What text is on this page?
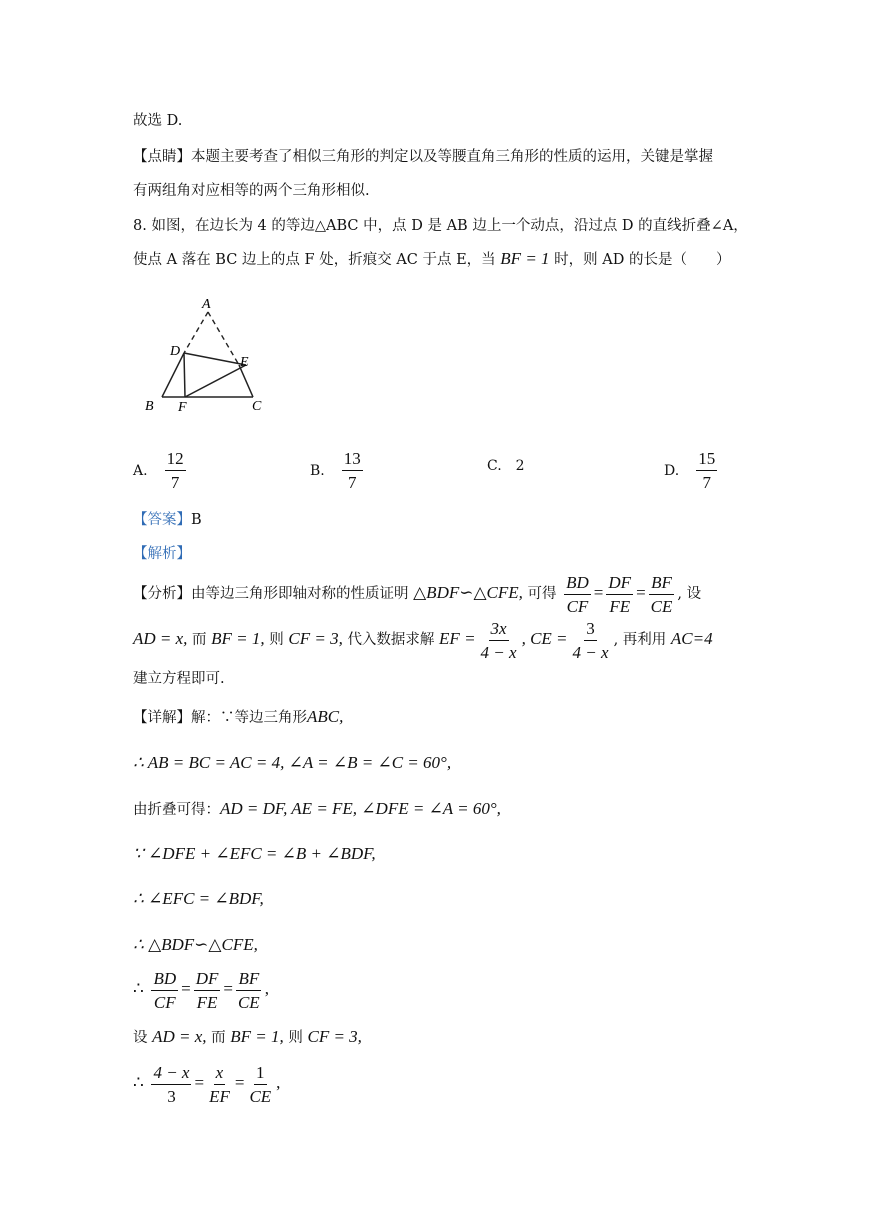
故选 D.
【点睛】本题主要考查了相似三角形的判定以及等腰直角三角形的性质的运用，关键是掌握
有两组角对应相等的两个三角形相似.
8. 如图，在边长为 4 的等边△ABC 中，点 D 是 AB 边上一个动点，沿过点 D 的直线折叠∠A，
使点 A 落在 BC 边上的点 F 处，折痕交 AC 于点 E，当 BF = 1 时，则 AD 的长是（　　）
A
D
E
B F	C
A. $\frac{12}{7}$	B. $\frac{13}{7}$	C. 2	D. $\frac{15}{7}$
【答案】B
【解析】
【分析】由等边三角形即轴对称的性质证明 △BDF∽△CFE, 可得 $\frac{BD}{CF} = \frac{DF}{FE} = \frac{BF}{CE}$ , 设
AD = x, 而 BF = 1, 则 CF = 3, 代入数据求解 EF = $\frac{3x}{4 - x}$ , CE = $\frac{3}{4 - x}$ , 再利用 AC=4
建立方程即可.
【详解】解：∵等边三角形ABC,
∴ AB = BC = AC = 4, ∠A = ∠B = ∠C = 60°,
由折叠可得：AD = DF, AE = FE, ∠DFE = ∠A = 60°,
∵ ∠DFE + ∠EFC = ∠B + ∠BDF,
∴ ∠EFC = ∠BDF,
∴ △BDF∽△CFE,
∴ $\frac{BD}{CF} = \frac{DF}{FE} = \frac{BF}{CE}$ ,
设 AD = x, 而 BF = 1, 则 CF = 3,
∴ $\frac{4 - x}{3} = \frac{x}{EF} = \frac{1}{CE}$ ,
